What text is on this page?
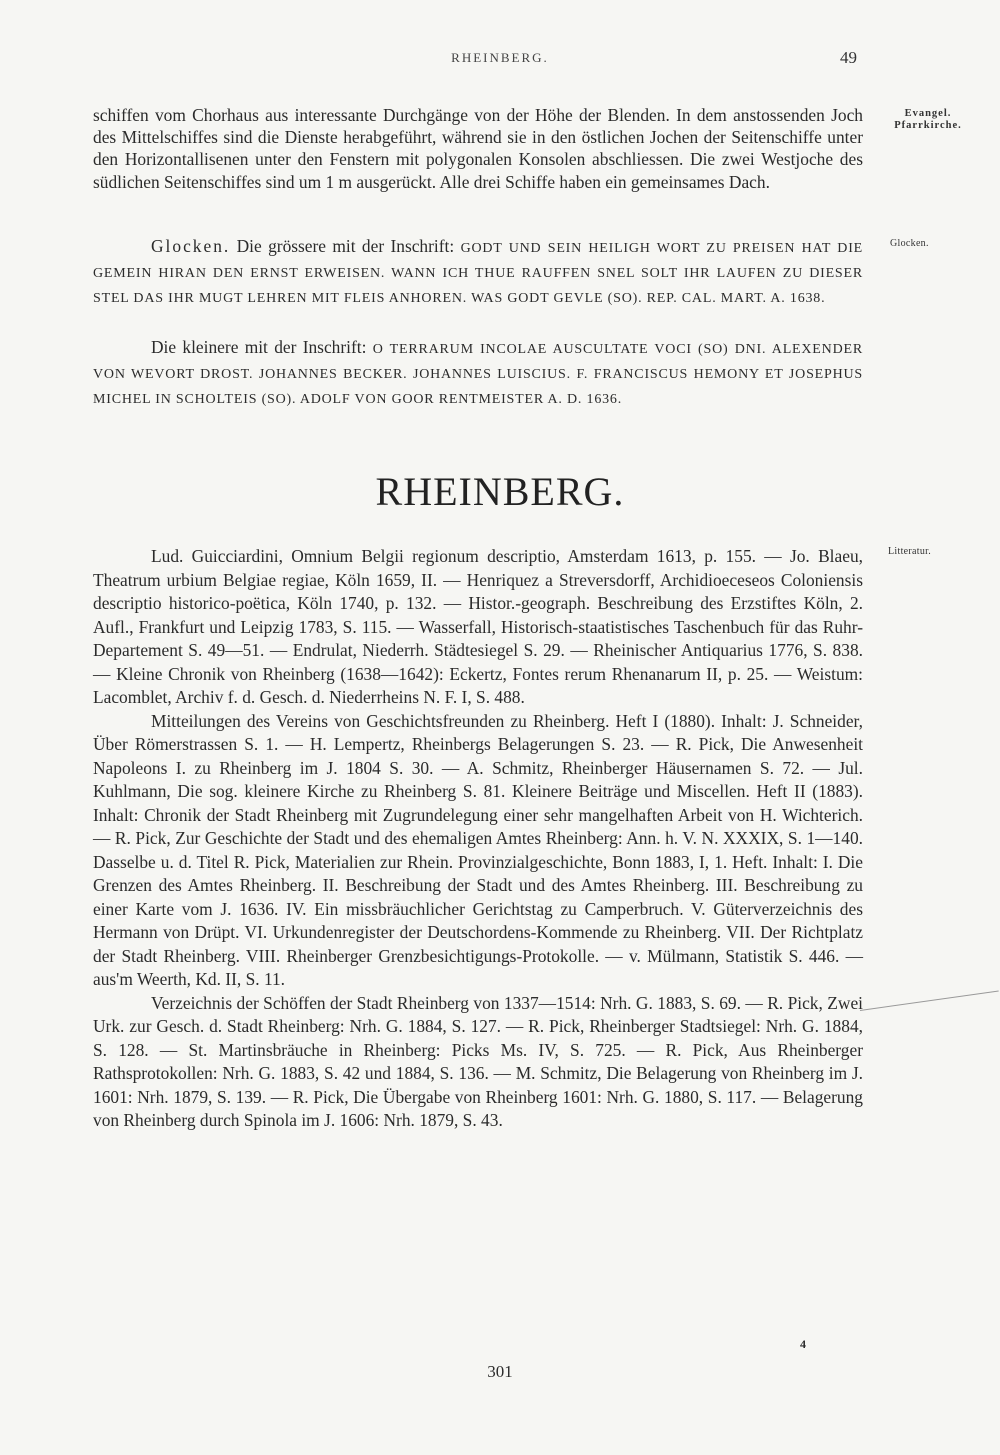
RHEINBERG.	49
Evangel. Pfarrkirche.
Glocken.
Litteratur.

schiffen vom Chorhaus aus interessante Durchgänge von der Höhe der Blenden. In dem anstossenden Joch des Mittelschiffes sind die Dienste herabgeführt, während sie in den östlichen Jochen der Seitenschiffe unter den Horizontallisenen unter den Fenstern mit polygonalen Konsolen abschliessen. Die zwei Westjoche des südlichen Seitenschiffes sind um 1 m ausgerückt. Alle drei Schiffe haben ein gemeinsames Dach.

Glocken. Die grössere mit der Inschrift: GODT UND SEIN HEILIGH WORT ZU PREISEN HAT DIE GEMEIN HIRAN DEN ERNST ERWEISEN. WANN ICH THUE RAUFFEN SNEL SOLT IHR LAUFEN ZU DIESER STEL DAS IHR MUGT LEHREN MIT FLEIS ANHOREN. WAS GODT GEVLE (SO). REP. CAL. MART. A. 1638.

Die kleinere mit der Inschrift: O TERRARUM INCOLAE AUSCULTATE VOCI (SO) DNI. ALEXENDER VON WEVORT DROST. JOHANNES BECKER. JOHANNES LUISCIUS. F. FRANCISCUS HEMONY ET JOSEPHUS MICHEL IN SCHOLTEIS (SO). ADOLF VON GOOR RENTMEISTER A. D. 1636.

RHEINBERG.

Lud. Guicciardini, Omnium Belgii regionum descriptio, Amsterdam 1613, p. 155. — Jo. Blaeu, Theatrum urbium Belgiae regiae, Köln 1659, II. — Henriquez a Streversdorff, Archidioeceseos Coloniensis descriptio historico-poëtica, Köln 1740, p. 132. — Histor.-geograph. Beschreibung des Erzstiftes Köln, 2. Aufl., Frankfurt und Leipzig 1783, S. 115. — Wasserfall, Historisch-staatistisches Taschenbuch für das Ruhr-Departement S. 49—51. — Endrulat, Niederrh. Städtesiegel S. 29. — Rheinischer Antiquarius 1776, S. 838. — Kleine Chronik von Rheinberg (1638—1642): Eckertz, Fontes rerum Rhenanarum II, p. 25. — Weistum: Lacomblet, Archiv f. d. Gesch. d. Niederrheins N. F. I, S. 488.

Mitteilungen des Vereins von Geschichtsfreunden zu Rheinberg. Heft I (1880). Inhalt: J. Schneider, Über Römerstrassen S. 1. — H. Lempertz, Rheinbergs Belagerungen S. 23. — R. Pick, Die Anwesenheit Napoleons I. zu Rheinberg im J. 1804 S. 30. — A. Schmitz, Rheinberger Häusernamen S. 72. — Jul. Kuhlmann, Die sog. kleinere Kirche zu Rheinberg S. 81. Kleinere Beiträge und Miscellen. Heft II (1883). Inhalt: Chronik der Stadt Rheinberg mit Zugrundelegung einer sehr mangelhaften Arbeit von H. Wichterich. — R. Pick, Zur Geschichte der Stadt und des ehemaligen Amtes Rheinberg: Ann. h. V. N. XXXIX, S. 1—140. Dasselbe u. d. Titel R. Pick, Materialien zur Rhein. Provinzialgeschichte, Bonn 1883, I, 1. Heft. Inhalt: I. Die Grenzen des Amtes Rheinberg. II. Beschreibung der Stadt und des Amtes Rheinberg. III. Beschreibung zu einer Karte vom J. 1636. IV. Ein missbräuchlicher Gerichtstag zu Camperbruch. V. Güterverzeichnis des Hermann von Drüpt. VI. Urkundenregister der Deutschordens-Kommende zu Rheinberg. VII. Der Richtplatz der Stadt Rheinberg. VIII. Rheinberger Grenzbesichtigungs-Protokolle. — v. Mülmann, Statistik S. 446. — aus'm Weerth, Kd. II, S. 11.

Verzeichnis der Schöffen der Stadt Rheinberg von 1337—1514: Nrh. G. 1883, S. 69. — R. Pick, Zwei Urk. zur Gesch. d. Stadt Rheinberg: Nrh. G. 1884, S. 127. — R. Pick, Rheinberger Stadtsiegel: Nrh. G. 1884, S. 128. — St. Martinsbräuche in Rheinberg: Picks Ms. IV, S. 725. — R. Pick, Aus Rheinberger Rathsprotokollen: Nrh. G. 1883, S. 42 und 1884, S. 136. — M. Schmitz, Die Belagerung von Rheinberg im J. 1601: Nrh. 1879, S. 139. — R. Pick, Die Übergabe von Rheinberg 1601: Nrh. G. 1880, S. 117. — Belagerung von Rheinberg durch Spinola im J. 1606: Nrh. 1879, S. 43.

4
301
